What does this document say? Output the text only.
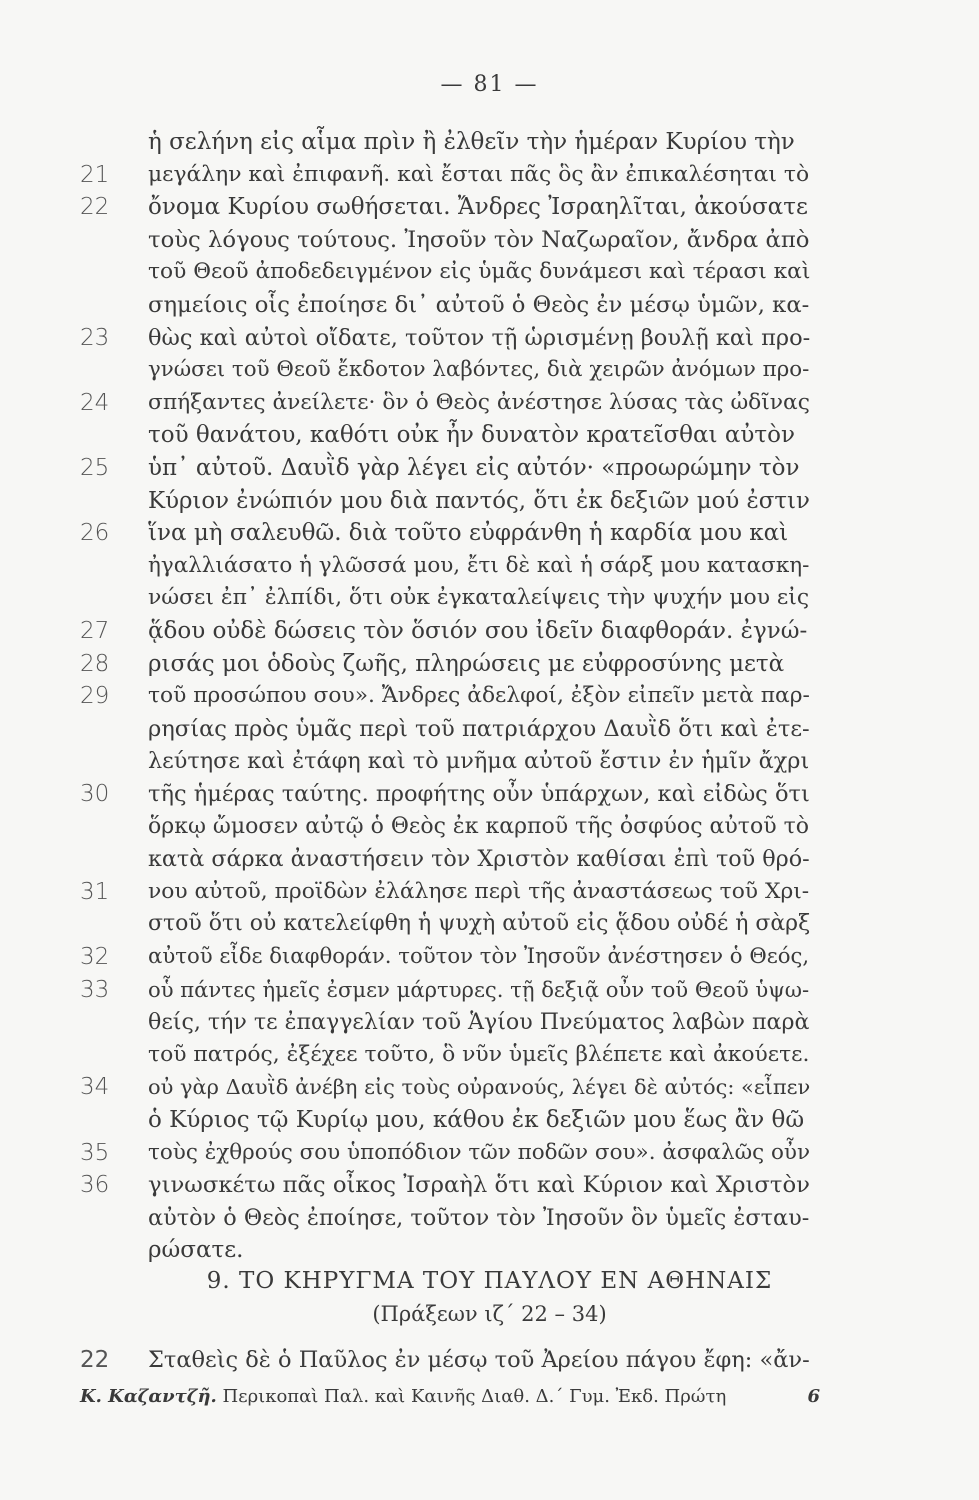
— 81 —
ἡ σελήνη εἰς αἷμα πρὶν ἢ ἐλθεῖν τὴν ἡμέραν Κυρίου τὴν
21	μεγάλην καὶ ἐπιφανῆ. καὶ ἔσται πᾶς ὃς ἂν ἐπικαλέσηται τὸ
22	ὄνομα Κυρίου σωθήσεται. Ἄνδρες Ἰσραηλῖται, ἀκούσατε
τοὺς λόγους τούτους. Ἰησοῦν τὸν Ναζωραῖον, ἄνδρα ἀπὸ
τοῦ Θεοῦ ἀποδεδειγμένον εἰς ὑμᾶς δυνάμεσι καὶ τέρασι καὶ
σημείοις οἷς ἐποίησε δι᾿ αὐτοῦ ὁ Θεὸς ἐν μέσῳ ὑμῶν, κα-
23	θὼς καὶ αὐτοὶ οἴδατε, τοῦτον τῇ ὡρισμένῃ βουλῇ καὶ προ-
γνώσει τοῦ Θεοῦ ἔκδοτον λαβόντες, διὰ χειρῶν ἀνόμων προ-
24	σπήξαντες ἀνείλετε· ὃν ὁ Θεὸς ἀνέστησε λύσας τὰς ὠδῖνας
τοῦ θανάτου, καθότι οὐκ ἦν δυνατὸν κρατεῖσθαι αὐτὸν
25	ὑπ᾿ αὐτοῦ. Δαυῒδ γὰρ λέγει εἰς αὐτόν· «προωρώμην τὸν
Κύριον ἐνώπιόν μου διὰ παντός, ὅτι ἐκ δεξιῶν μού ἐστιν
26	ἵνα μὴ σαλευθῶ. διὰ τοῦτο εὐφράνθη ἡ καρδία μου καὶ
ἠγαλλιάσατο ἡ γλῶσσά μου, ἔτι δὲ καὶ ἡ σάρξ μου κατασκη-
νώσει ἐπ᾿ ἐλπίδι, ὅτι οὐκ ἐγκαταλείψεις τὴν ψυχήν μου εἰς
27	ᾅδου οὐδὲ δώσεις τὸν ὅσιόν σου ἰδεῖν διαφθοράν. ἐγνώ-
28	ρισάς μοι ὁδοὺς ζωῆς, πληρώσεις με εὐφροσύνης μετὰ
29	τοῦ προσώπου σου». Ἄνδρες ἀδελφοί, ἐξὸν εἰπεῖν μετὰ παρ-
ρησίας πρὸς ὑμᾶς περὶ τοῦ πατριάρχου Δαυῒδ ὅτι καὶ ἐτε-
λεύτησε καὶ ἐτάφη καὶ τὸ μνῆμα αὐτοῦ ἔστιν ἐν ἡμῖν ἄχρι
30	τῆς ἡμέρας ταύτης. προφήτης οὖν ὑπάρχων, καὶ εἰδὼς ὅτι
ὅρκῳ ὤμοσεν αὐτῷ ὁ Θεὸς ἐκ καρποῦ τῆς ὀσφύος αὐτοῦ τὸ
κατὰ σάρκα ἀναστήσειν τὸν Χριστὸν καθίσαι ἐπὶ τοῦ θρό-
31	νου αὐτοῦ, προϊδὼν ἐλάλησε περὶ τῆς ἀναστάσεως τοῦ Χρι-
στοῦ ὅτι οὐ κατελείφθη ἡ ψυχὴ αὐτοῦ εἰς ᾅδου οὐδέ ἡ σὰρξ
32	αὐτοῦ εἶδε διαφθοράν. τοῦτον τὸν Ἰησοῦν ἀνέστησεν ὁ Θεός,
33	οὗ πάντες ἡμεῖς ἐσμεν μάρτυρες. τῇ δεξιᾷ οὖν τοῦ Θεοῦ ὑψω-
θείς, τήν τε ἐπαγγελίαν τοῦ Ἁγίου Πνεύματος λαβὼν παρὰ
τοῦ πατρός, ἐξέχεε τοῦτο, ὃ νῦν ὑμεῖς βλέπετε καὶ ἀκούετε.
34	οὐ γὰρ Δαυῒδ ἀνέβη εἰς τοὺς οὐρανούς, λέγει δὲ αὐτός: «εἶπεν
ὁ Κύριος τῷ Κυρίῳ μου, κάθου ἐκ δεξιῶν μου ἕως ἂν θῶ
35	τοὺς ἐχθρούς σου ὑποπόδιον τῶν ποδῶν σου». ἀσφαλῶς οὖν
36	γινωσκέτω πᾶς οἶκος Ἰσραὴλ ὅτι καὶ Κύριον καὶ Χριστὸν
αὐτὸν ὁ Θεὸς ἐποίησε, τοῦτον τὸν Ἰησοῦν ὃν ὑμεῖς ἐσταυ-
ρώσατε.
9. ΤΟ ΚΗΡΥΓΜΑ ΤΟΥ ΠΑΥΛΟΥ ΕΝ ΑΘΗΝΑΙΣ
(Πράξεων ιζ΄ 22 – 34)
22	Σταθεὶς δὲ ὁ Παῦλος ἐν μέσῳ τοῦ Ἀρείου πάγου ἔφη: «ἄν-
Κ. Καζαντζῆ. Περικοπαὶ Παλ. καὶ Καινῆς Διαθ. Δ.΄ Γυμ. Ἐκδ. Πρώτη	6
